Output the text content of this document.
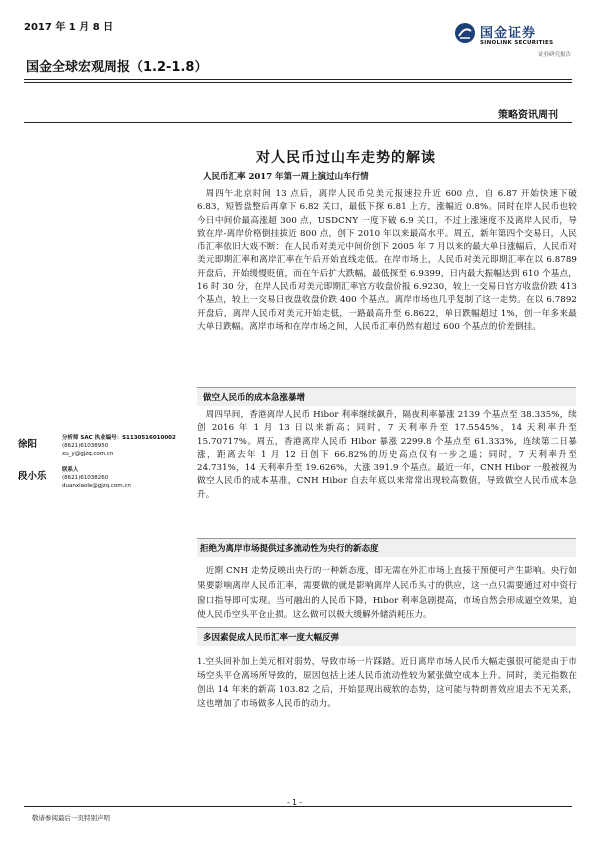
2017 年 1 月 8 日	国金证券
SINOLINK SECURITIES
证券研究报告
国金全球宏观周报（1.2-1.8）
策略资讯周刊
对人民币过山车走势的解读
人民币汇率 2017 年第一周上演过山车行情
周四午北京时间 13 点后，离岸人民币兑美元报速拉升近 600 点，自 6.87 开始快速下破 6.83，短暂盘整后再拿下 6.82 关口，最低下探 6.81 上方，涨幅近 0.8%。同时在岸人民币也较今日中间价最高涨超 300 点，USDCNY 一度下破 6.9 关口，不过上涨速度不及离岸人民币，导致在岸-离岸价格倒挂拔近 800 点，创下 2010 年以来最高水平。周五，新年第四个交易日，人民币汇率依旧大戏不断：在人民币对美元中间价创下 2005 年 7 月以来的最大单日涨幅后，人民币对美元即期汇率和离岸汇率在午后开始直线走低。在岸市场上，人民币对美元即期汇率在以 6.8789 开盘后，开始缓慢贬值，而在午后扩大跌幅，最低探至 6.9399，日内最大振幅达到 610 个基点，16 时 30 分，在岸人民币对美元即期汇率官方收盘价报 6.9230，较上一交易日官方收盘价跌 413 个基点，较上一交易日夜盘收盘价跌 400 个基点。离岸市场也几乎复制了这一走势。在以 6.7892 开盘后，离岸人民币对美元开始走低，一路最高升至 6.8622，单日跌幅超过 1%，创一年多来最大单日跌幅。离岸市场和在岸市场之间，人民币汇率仍然有超过 600 个基点的价差倒挂。
做空人民币的成本急涨暴增
周四早间，香港离岸人民币 Hibor 利率继续飙升，隔夜利率暴涨 2139 个基点至 38.335%，续创 2016 年 1 月 13 日以来新高；同时，7 天利率升至 17.5545%，14 天利率升至 15.70717%。周五，香港离岸人民币 Hibor 暴涨 2299.8 个基点至 61.333%，连续第二日暴涨，距离去年 1 月 12 日创下 66.82%的历史高点仅有一步之遥；同时，7 天利率升至 24.731%，14 天利率升至 19.626%，大涨 391.9 个基点。最近一年，CNH Hibor 一般被视为做空人民币的成本基准，CNH Hibor 自去年底以来常常出现较高数值，导致做空人民币成本急升。
拒绝为离岸市场提供过多流动性为央行的新态度
近期 CNH 走势反映出央行的一种新态度，即无需在外汇市场上直接干预便可产生影响。央行如果要影响离岸人民币汇率，需要做的就是影响离岸人民币头寸的供应，这一点只需要通过对中资行窗口指导即可实现。当可融出的人民币下降，Hibor 利率急剧提高，市场自然会形成逼空效果，迫使人民币空头平仓止损。这么做可以极大缓解外储消耗压力。
多因素促成人民币汇率一度大幅反弹
1.空头回补加上美元相对弱势，导致市场一片踩踏。近日离岸市场人民币大幅走强很可能是由于市场空头平仓离场所导致的，原因包括上述人民币流动性较为紧张做空成本上升。同时，美元指数在创出 14 年来的新高 103.82 之后，开始显现出疲软的态势，这可能与特朗普效应退去不无关系，这也增加了市场做多人民币的动力。
徐阳
分析师 SAC 执业编号：S1130516010002
(8621)61038950
xu_y@gjzq.com.cn
段小乐
联系人
(8621)61038260
duanxiaole@gjzq.com.cn
- 1 -
敬请参阅最后一页特别声明
